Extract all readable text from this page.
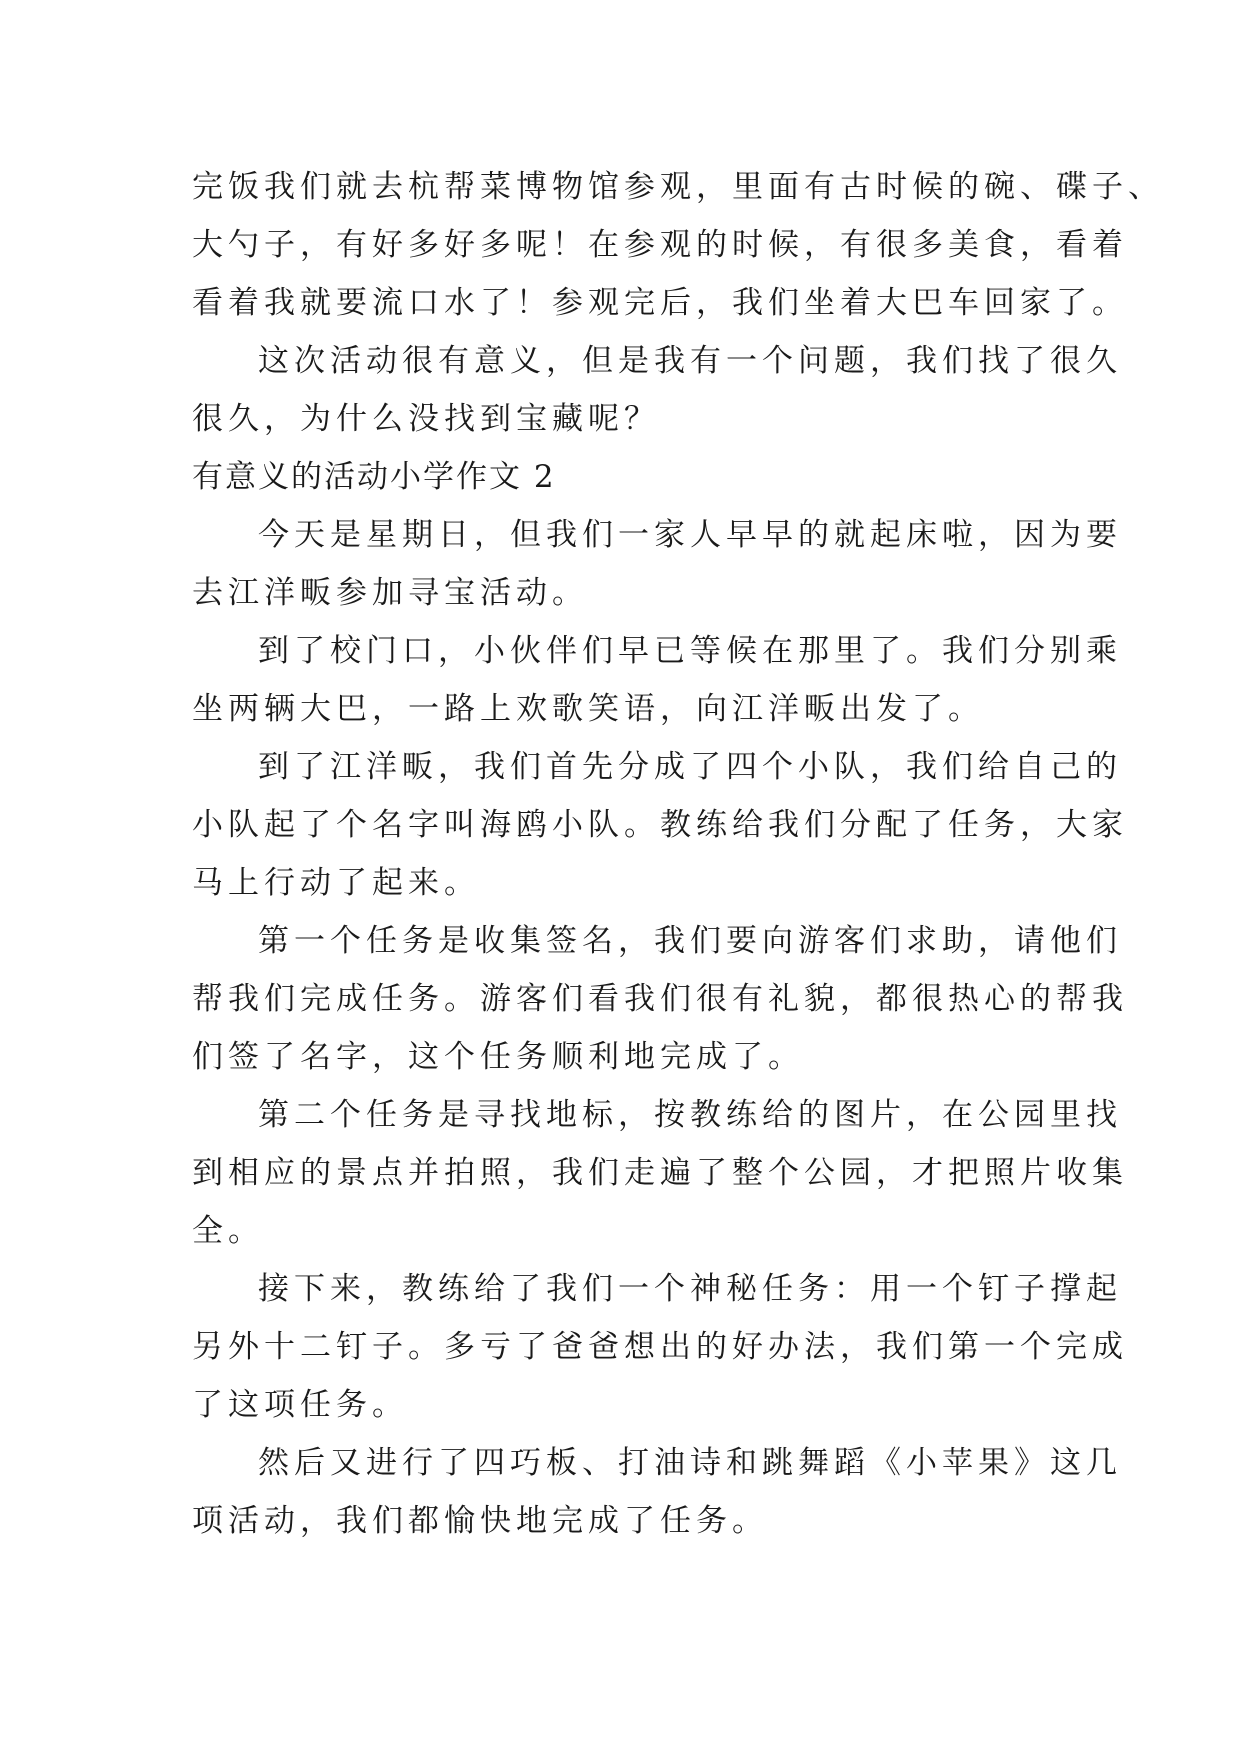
完饭我们就去杭帮菜博物馆参观，里面有古时候的碗、碟子、
大勺子，有好多好多呢！在参观的时候，有很多美食，看着
看着我就要流口水了！参观完后，我们坐着大巴车回家了。
这次活动很有意义，但是我有一个问题，我们找了很久
很久，为什么没找到宝藏呢？
有意义的活动小学作文 2
今天是星期日，但我们一家人早早的就起床啦，因为要
去江洋畈参加寻宝活动。
到了校门口，小伙伴们早已等候在那里了。我们分别乘
坐两辆大巴，一路上欢歌笑语，向江洋畈出发了。
到了江洋畈，我们首先分成了四个小队，我们给自己的
小队起了个名字叫海鸥小队。教练给我们分配了任务，大家
马上行动了起来。
第一个任务是收集签名，我们要向游客们求助，请他们
帮我们完成任务。游客们看我们很有礼貌，都很热心的帮我
们签了名字，这个任务顺利地完成了。
第二个任务是寻找地标，按教练给的图片，在公园里找
到相应的景点并拍照，我们走遍了整个公园，才把照片收集
全。
接下来，教练给了我们一个神秘任务：用一个钉子撑起
另外十二钉子。多亏了爸爸想出的好办法，我们第一个完成
了这项任务。
然后又进行了四巧板、打油诗和跳舞蹈《小苹果》这几
项活动，我们都愉快地完成了任务。
